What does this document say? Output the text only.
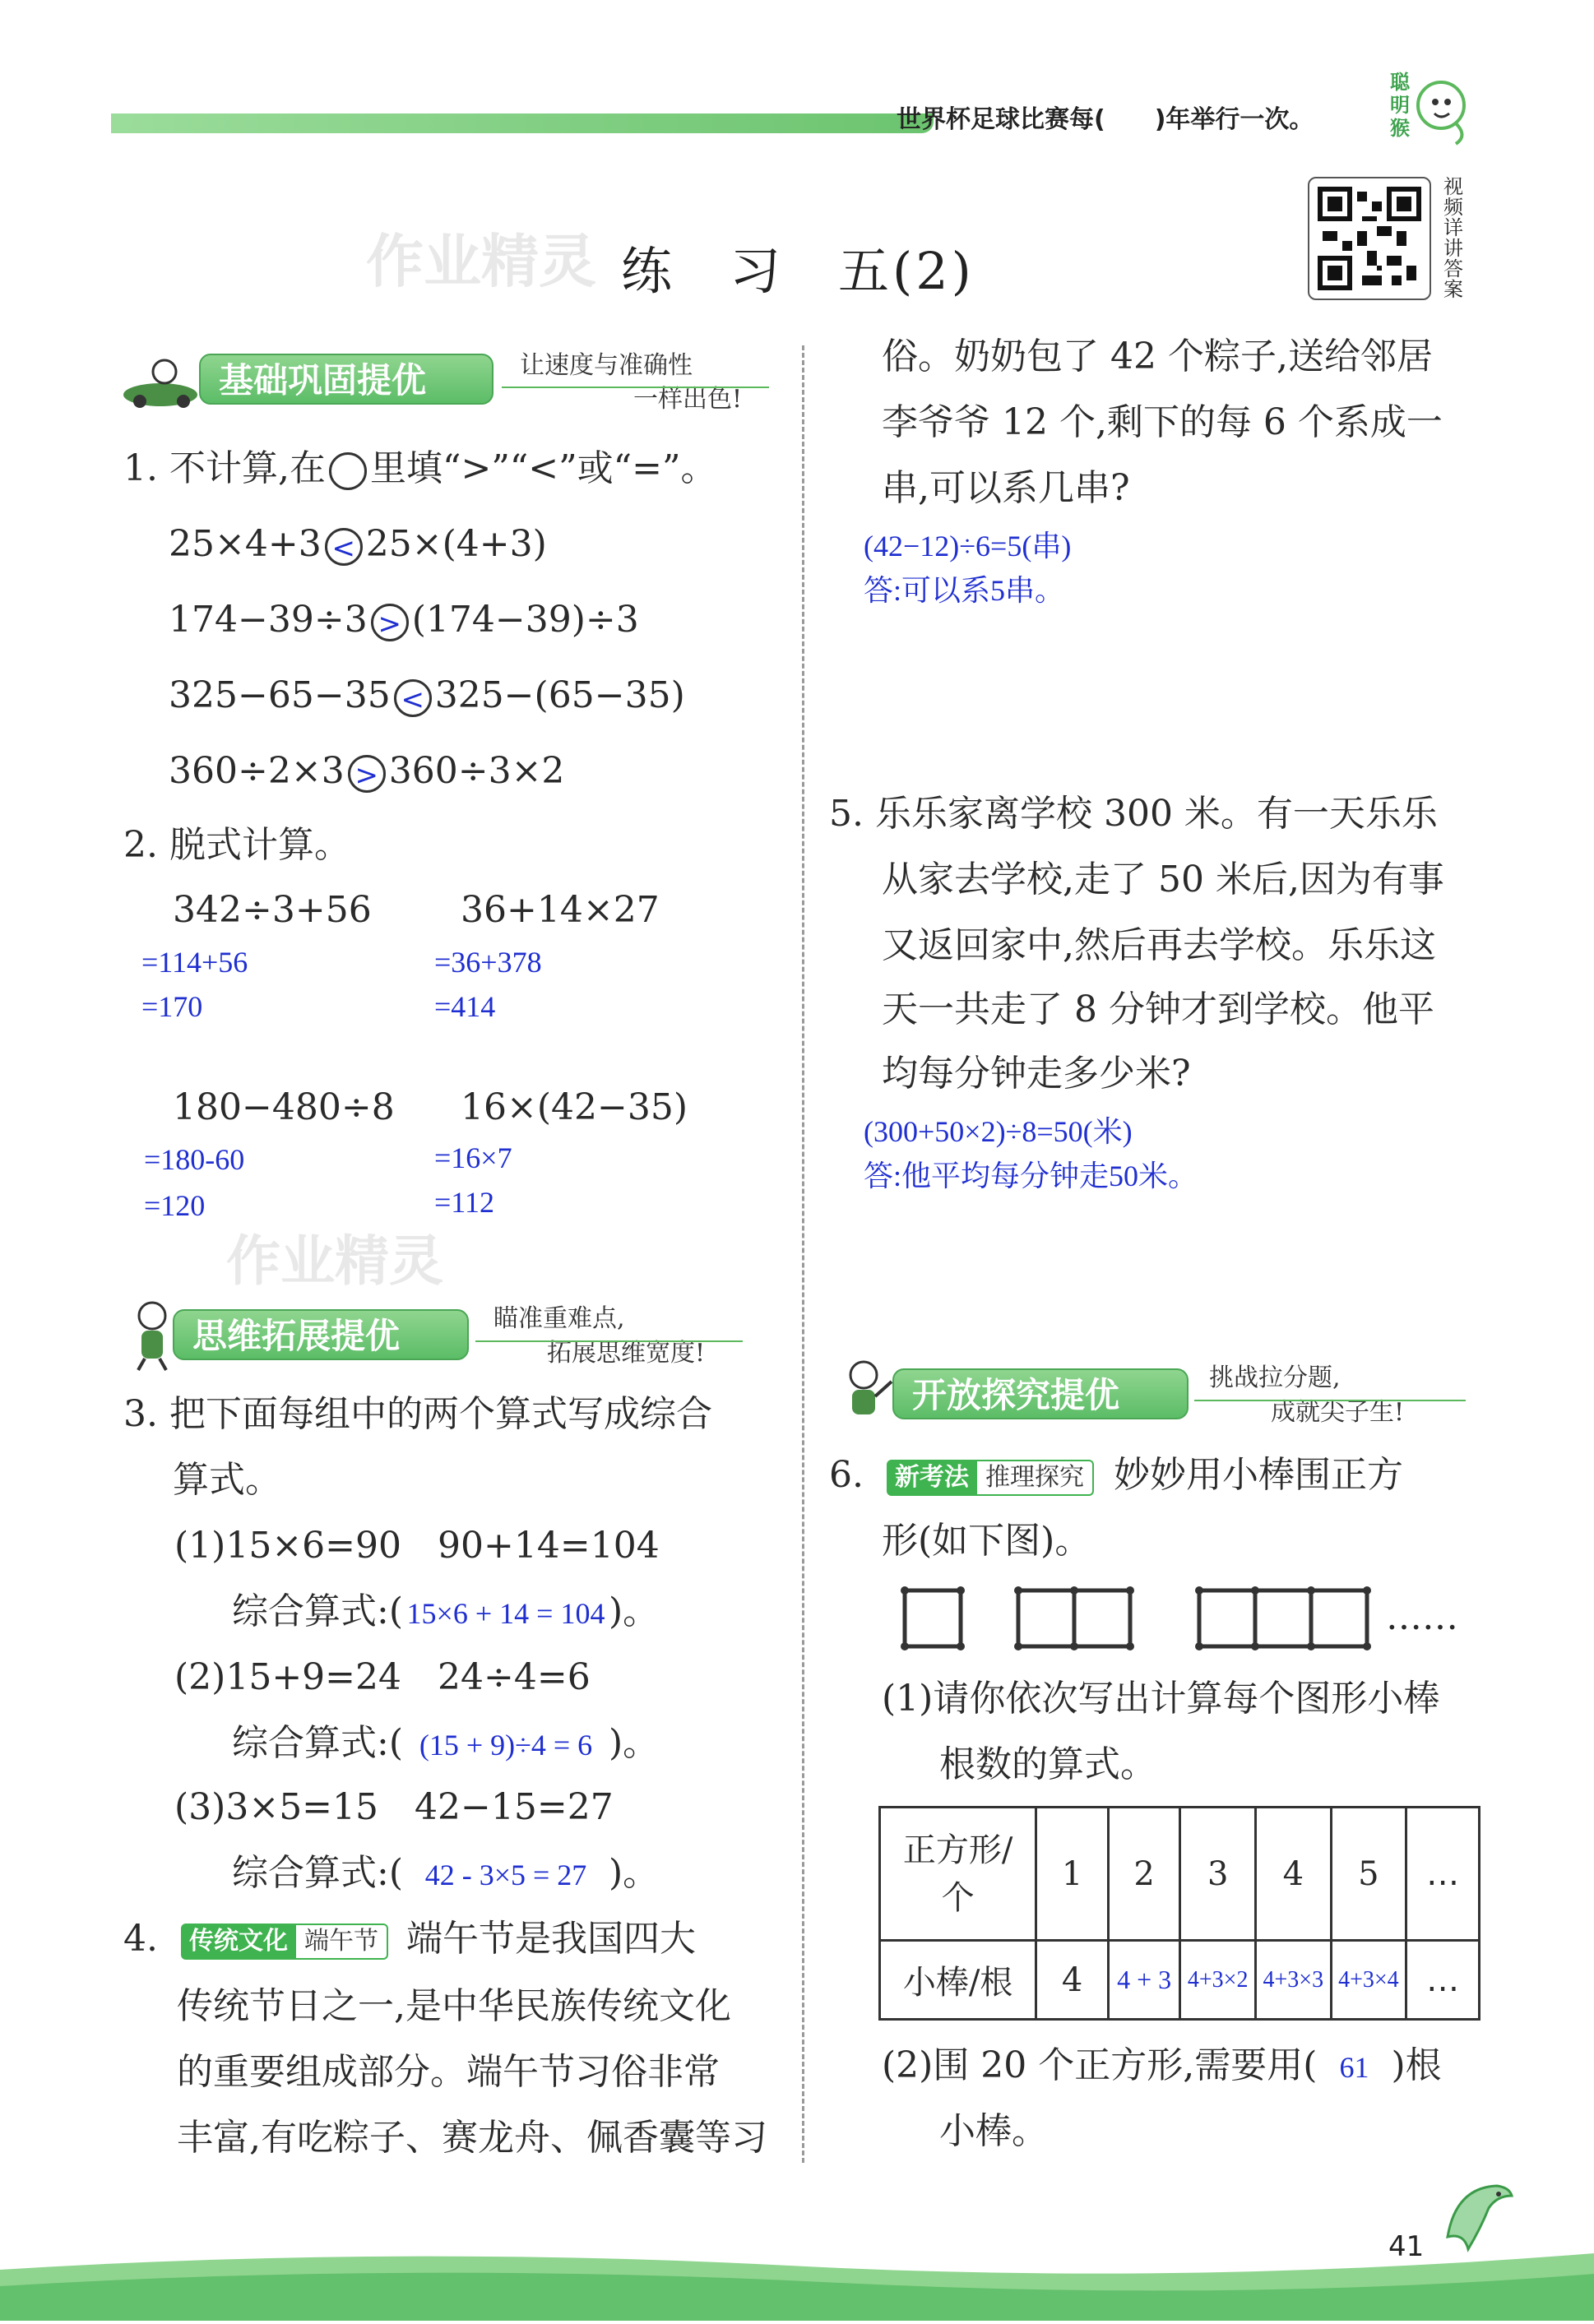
世界杯足球比赛每(　　)年举行一次。
聪明猴
作业精灵 练　习　五(2)
视频详讲答案
基础巩固提优	让速度与准确性
一样出色!
1. 不计算,在 里填“>”“<”或“=”。
25×4+3 < 25×(4+3)
174−39÷3 > (174−39)÷3
325−65−35 < 325−(65−35)
360÷2×3 > 360÷3×2
2. 脱式计算。
342÷3+56
=114+56
=170
36+14×27
=36+378
=414
180−480÷8
=180-60
=120
16×(42−35)
=16×7
=112
作业精灵
思维拓展提优	瞄准重难点,
拓展思维宽度!
3. 把下面每组中的两个算式写成综合
算式。
(1)15×6=90　90+14=104
综合算式:( 15×6 + 14 = 104 )。
(2)15+9=24　24÷4=6
综合算式:( (15 + 9)÷4 = 6 )。
(3)3×5=15　42−15=27
综合算式:( 42 - 3×5 = 27 )。
4.	传统文化 端午节 端午节是我国四大
传统节日之一,是中华民族传统文化
的重要组成部分。端午节习俗非常
丰富,有吃粽子、赛龙舟、佩香囊等习
俗。奶奶包了 42 个粽子,送给邻居
李爷爷 12 个,剩下的每 6 个系成一
串,可以系几串?
(42−12)÷6=5(串)
答:可以系5串。
5. 乐乐家离学校 300 米。有一天乐乐
从家去学校,走了 50 米后,因为有事
又返回家中,然后再去学校。乐乐这
天一共走了 8 分钟才到学校。他平
均每分钟走多少米?
(300+50×2)÷8=50(米)
答:他平均每分钟走50米。
开放探究提优	挑战拉分题,
成就尖子生!
6.	新考法 推理探究 妙妙用小棒围正方
形(如下图)。
……
(1)请你依次写出计算每个图形小棒
根数的算式。
正方形/个	1	2	3	4	5	…
小棒/根	4	4 + 3	4+3×2	4+3×3	4+3×4	…
(2)围 20 个正方形,需要用( 61 )根
小棒。
41
